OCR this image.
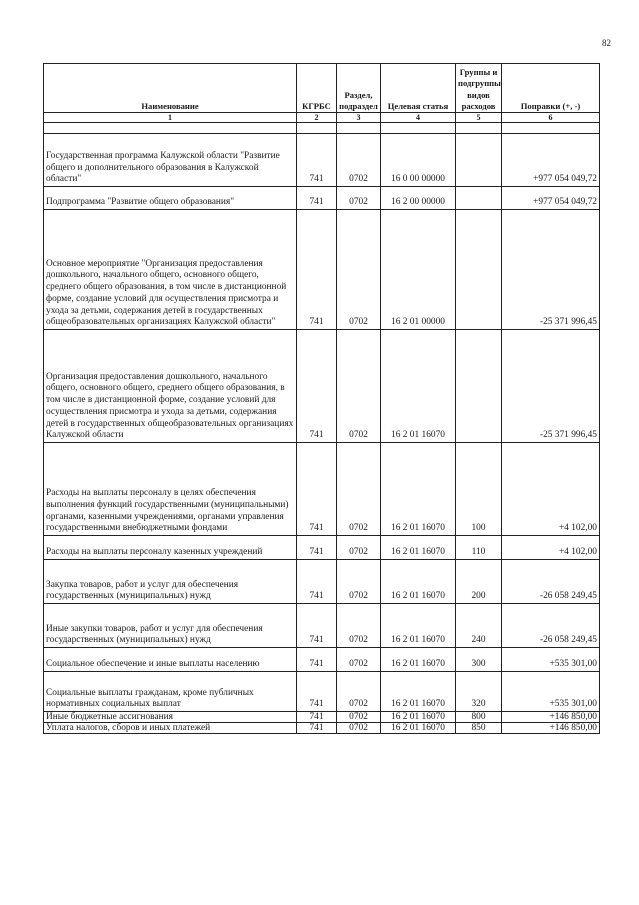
82
Наименование	КГРБС	Раздел, подраздел	Целевая статья	Группы и подгруппы видов расходов	Поправки (+, -)
1	2	3	4	5	6

Государственная программа Калужской области "Развитие общего и дополнительного образования в Калужской области"	741	0702	16 0 00 00000		+977 054 049,72
Подпрограмма "Развитие общего образования"	741	0702	16 2 00 00000		+977 054 049,72
Основное мероприятие "Организация предоставления дошкольного, начального общего, основного общего, среднего общего образования, в том числе в дистанционной форме, создание условий для осуществления присмотра и ухода за детьми, содержания детей в государственных общеобразовательных организациях Калужской области"	741	0702	16 2 01 00000		-25 371 996,45
Организация предоставления дошкольного, начального общего, основного общего, среднего общего образования, в том числе в дистанционной форме, создание условий для осуществления присмотра и ухода за детьми, содержания детей в государственных общеобразовательных организациях Калужской области	741	0702	16 2 01 16070		-25 371 996,45
Расходы на выплаты персоналу в целях обеспечения выполнения функций государственными (муниципальными) органами, казенными учреждениями, органами управления государственными внебюджетными фондами	741	0702	16 2 01 16070	100	+4 102,00
Расходы на выплаты персоналу казенных учреждений	741	0702	16 2 01 16070	110	+4 102,00
Закупка товаров, работ и услуг для обеспечения государственных (муниципальных) нужд	741	0702	16 2 01 16070	200	-26 058 249,45
Иные закупки товаров, работ и услуг для обеспечения государственных (муниципальных) нужд	741	0702	16 2 01 16070	240	-26 058 249,45
Социальное обеспечение и иные выплаты населению	741	0702	16 2 01 16070	300	+535 301,00
Социальные выплаты гражданам, кроме публичных нормативных социальных выплат	741	0702	16 2 01 16070	320	+535 301,00
Иные бюджетные ассигнования	741	0702	16 2 01 16070	800	+146 850,00
Уплата налогов, сборов и иных платежей	741	0702	16 2 01 16070	850	+146 850,00
